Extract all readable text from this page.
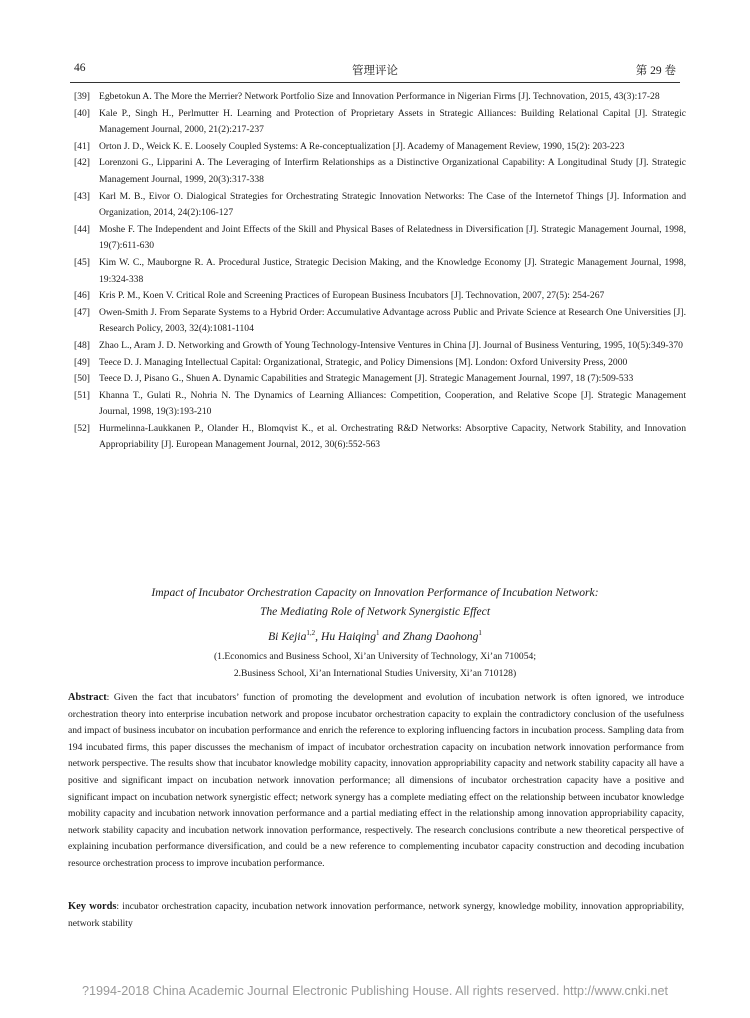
46	管理评论	第 29 卷
[39] Egbetokun A. The More the Merrier? Network Portfolio Size and Innovation Performance in Nigerian Firms [J]. Technovation, 2015, 43(3):17-28
[40] Kale P., Singh H., Perlmutter H. Learning and Protection of Proprietary Assets in Strategic Alliances: Building Relational Capital [J]. Strategic Management Journal, 2000, 21(2):217-237
[41] Orton J. D., Weick K. E. Loosely Coupled Systems: A Re-conceptualization [J]. Academy of Management Review, 1990, 15(2): 203-223
[42] Lorenzoni G., Lipparini A. The Leveraging of Interfirm Relationships as a Distinctive Organizational Capability: A Longitudinal Study [J]. Strategic Management Journal, 1999, 20(3):317-338
[43] Karl M. B., Eivor O. Dialogical Strategies for Orchestrating Strategic Innovation Networks: The Case of the Internetof Things [J]. Information and Organization, 2014, 24(2):106-127
[44] Moshe F. The Independent and Joint Effects of the Skill and Physical Bases of Relatedness in Diversification [J]. Strategic Management Journal, 1998, 19(7):611-630
[45] Kim W. C., Mauborgne R. A. Procedural Justice, Strategic Decision Making, and the Knowledge Economy [J]. Strategic Management Journal, 1998, 19:324-338
[46] Kris P. M., Koen V. Critical Role and Screening Practices of European Business Incubators [J]. Technovation, 2007, 27(5): 254-267
[47] Owen-Smith J. From Separate Systems to a Hybrid Order: Accumulative Advantage across Public and Private Science at Research One Universities [J]. Research Policy, 2003, 32(4):1081-1104
[48] Zhao L., Aram J. D. Networking and Growth of Young Technology-Intensive Ventures in China [J]. Journal of Business Venturing, 1995, 10(5):349-370
[49] Teece D. J. Managing Intellectual Capital: Organizational, Strategic, and Policy Dimensions [M]. London: Oxford University Press, 2000
[50] Teece D. J, Pisano G., Shuen A. Dynamic Capabilities and Strategic Management [J]. Strategic Management Journal, 1997, 18 (7):509-533
[51] Khanna T., Gulati R., Nohria N. The Dynamics of Learning Alliances: Competition, Cooperation, and Relative Scope [J]. Strategic Management Journal, 1998, 19(3):193-210
[52] Hurmelinna-Laukkanen P., Olander H., Blomqvist K., et al. Orchestrating R&D Networks: Absorptive Capacity, Network Stability, and Innovation Appropriability [J]. European Management Journal, 2012, 30(6):552-563
Impact of Incubator Orchestration Capacity on Innovation Performance of Incubation Network:
The Mediating Role of Network Synergistic Effect
Bi Kejia$^{1,2}$, Hu Haiqing$^1$ and Zhang Daohong$^1$
(1.Economics and Business School, Xi’an University of Technology, Xi’an 710054;
2.Business School, Xi’an International Studies University, Xi’an 710128)
Abstract: Given the fact that incubators’ function of promoting the development and evolution of incubation network is often ignored, we introduce orchestration theory into enterprise incubation network and propose incubator orchestration capacity to explain the contradictory conclusion of the usefulness and impact of business incubator on incubation performance and enrich the reference to exploring influencing factors in incubation process. Sampling data from 194 incubated firms, this paper discusses the mechanism of impact of incubator orchestration capacity on incubation network innovation performance from network perspective. The results show that incubator knowledge mobility capacity, innovation appropriability capacity and network stability capacity all have a positive and significant impact on incubation network innovation performance; all dimensions of incubator orchestration capacity have a positive and significant impact on incubation network synergistic effect; network synergy has a complete mediating effect on the relationship between incubator knowledge mobility capacity and incubation network innovation performance and a partial mediating effect in the relationship among innovation appropriability capacity, network stability capacity and incubation network innovation performance, respectively. The research conclusions contribute a new theoretical perspective of explaining incubation performance diversification, and could be a new reference to complementing incubator capacity construction and decoding incubation resource orchestration process to improve incubation performance.
Key words: incubator orchestration capacity, incubation network innovation performance, network synergy, knowledge mobility, innovation appropriability, network stability
?1994-2018 China Academic Journal Electronic Publishing House. All rights reserved. http://www.cnki.net
